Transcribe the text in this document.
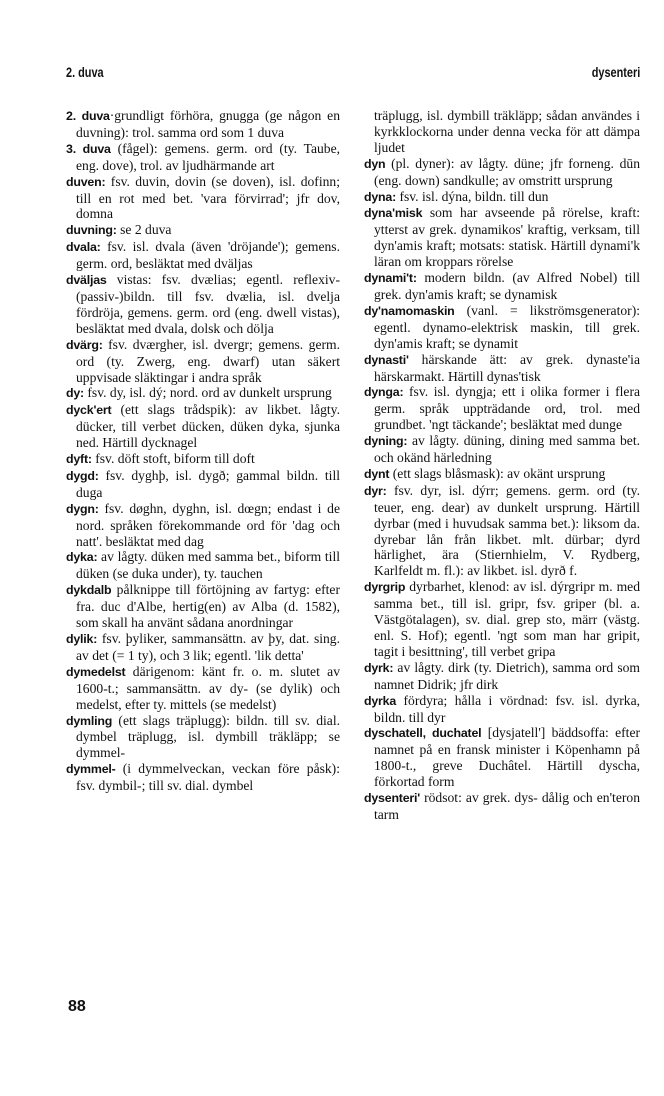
2. duva	dysenteri

2. duva·grundligt förhöra, gnugga (ge någon en duvning): trol. samma ord som 1 duva

3. duva (fågel): gemens. germ. ord (ty. Taube, eng. dove), trol. av ljudhärmande art

duven: fsv. duvin, dovin (se doven), isl. dofinn; till en rot med bet. 'vara förvirrad'; jfr dov, domna

duvning: se 2 duva

dvala: fsv. isl. dvala (även 'dröjande'); gemens. germ. ord, besläktat med dväljas

dväljas vistas: fsv. dvælias; egentl. reflexiv-(passiv-)bildn. till fsv. dvælia, isl. dvelja fördröja, gemens. germ. ord (eng. dwell vistas), besläktat med dvala, dolsk och dölja

dvärg: fsv. dværgher, isl. dvergr; gemens. germ. ord (ty. Zwerg, eng. dwarf) utan säkert uppvisade släktingar i andra språk

dy: fsv. dy, isl. dý; nord. ord av dunkelt ursprung

dyck'ert (ett slags trådspik): av likbet. lågty. dücker, till verbet dücken, düken dyka, sjunka ned. Härtill dycknagel

dyft: fsv. döft stoft, biform till doft

dygd: fsv. dyghþ, isl. dygð; gammal bildn. till duga

dygn: fsv. døghn, dyghn, isl. dœgn; endast i de nord. språken förekommande ord för 'dag och natt'. besläktat med dag

dyka: av lågty. düken med samma bet., biform till düken (se duka under), ty. tauchen

dykdalb pålknippe till förtöjning av fartyg: efter fra. duc d'Albe, hertig(en) av Alba (d. 1582), som skall ha använt sådana anordningar

dylik: fsv. þyliker, sammansättn. av þy, dat. sing. av det (= 1 ty), och 3 lik; egentl. 'lik detta'

dymedelst därigenom: känt fr. o. m. slutet av 1600-t.; sammansättn. av dy- (se dylik) och medelst, efter ty. mittels (se medelst)

dymling (ett slags träplugg): bildn. till sv. dial. dymbel träplugg, isl. dymbill träkläpp; se dymmel-

dymmel- (i dymmelveckan, veckan före påsk): fsv. dymbil-; till sv. dial. dymbel

träplugg, isl. dymbill träkläpp; sådan användes i kyrkklockorna under denna vecka för att dämpa ljudet

dyn (pl. dyner): av lågty. düne; jfr forneng. dūn (eng. down) sandkulle; av omstritt ursprung

dyna: fsv. isl. dýna, bildn. till dun

dyna'misk som har avseende på rörelse, kraft: ytterst av grek. dynamikos' kraftig, verksam, till dyn'amis kraft; motsats: statisk. Härtill dynami'k läran om kroppars rörelse

dynami't: modern bildn. (av Alfred Nobel) till grek. dyn'amis kraft; se dynamisk

dy'namomaskin (vanl. = likströmsgenerator): egentl. dynamo-elektrisk maskin, till grek. dyn'amis kraft; se dynamit

dynasti' härskande ätt: av grek. dynaste'ia härskarmakt. Härtill dynas'tisk

dynga: fsv. isl. dyngja; ett i olika former i flera germ. språk uppträdande ord, trol. med grundbet. 'ngt täckande'; besläktat med dunge

dyning: av lågty. düning, dining med samma bet. och okänd härledning

dynt (ett slags blåsmask): av okänt ursprung

dyr: fsv. dyr, isl. dýrr; gemens. germ. ord (ty. teuer, eng. dear) av dunkelt ursprung. Härtill dyrbar (med i huvudsak samma bet.): liksom da. dyrebar lån från likbet. mlt. dürbar; dyrd härlighet, ära (Stiernhielm, V. Rydberg, Karlfeldt m. fl.): av likbet. isl. dyrð f.

dyrgrip dyrbarhet, klenod: av isl. dýrgripr m. med samma bet., till isl. gripr, fsv. griper (bl. a. Västgötalagen), sv. dial. grep sto, märr (västg. enl. S. Hof); egentl. 'ngt som man har gripit, tagit i besittning', till verbet gripa

dyrk: av lågty. dirk (ty. Dietrich), samma ord som namnet Didrik; jfr dirk

dyrka fördyra; hålla i vördnad: fsv. isl. dyrka, bildn. till dyr

dyschatell, duchatel [dysjatell'] bäddsoffa: efter namnet på en fransk minister i Köpenhamn på 1800-t., greve Duchâtel. Härtill dyscha, förkortad form

dysenteri' rödsot: av grek. dys- dålig och en'teron tarm

88
